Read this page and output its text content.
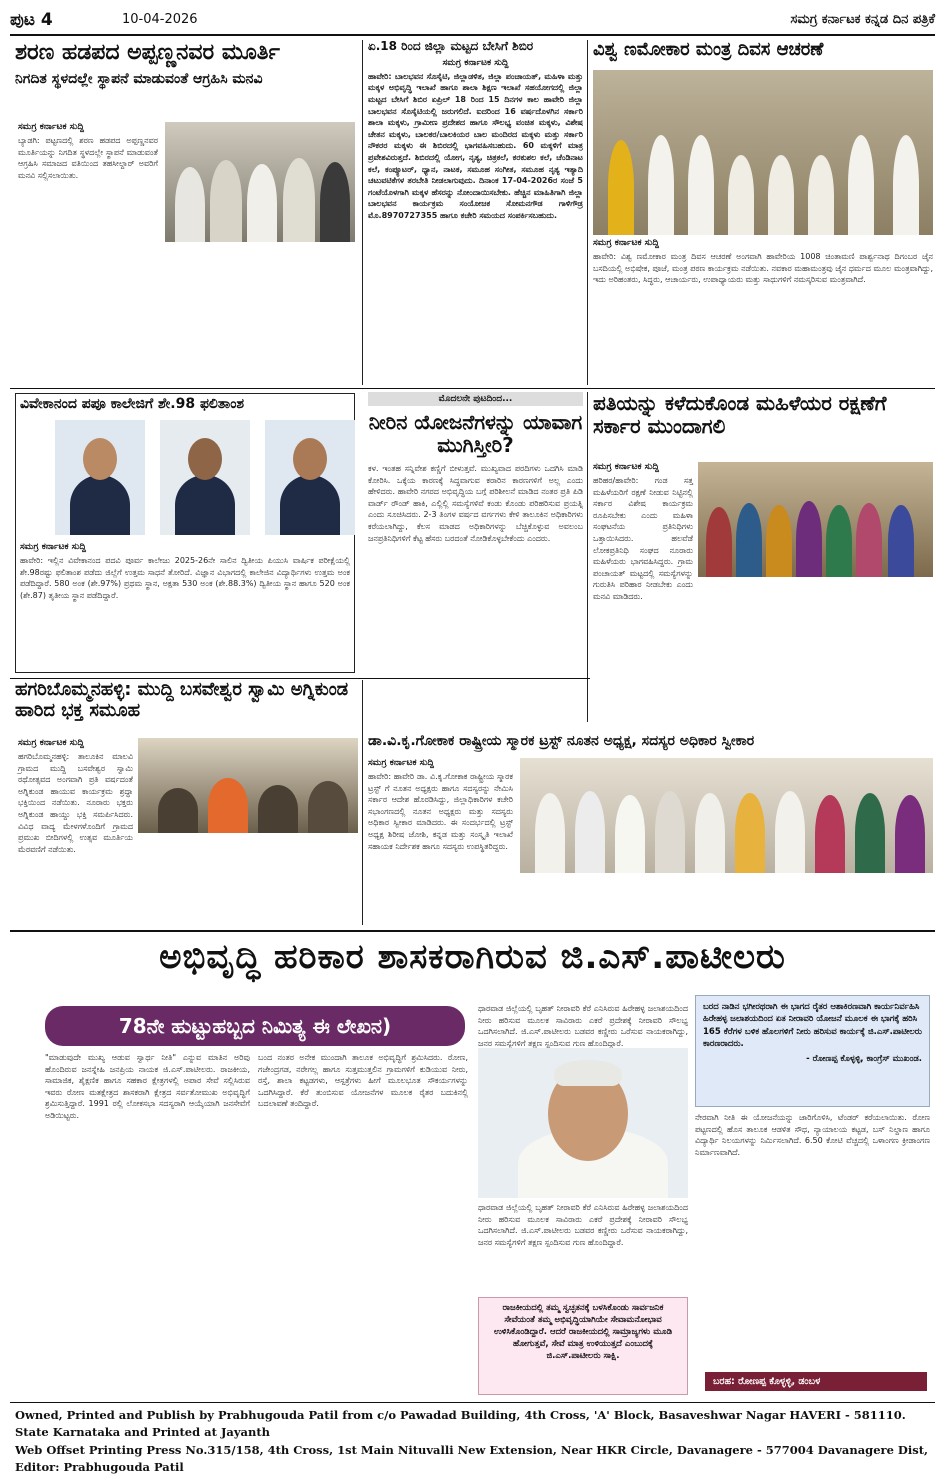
ಪುಟ 4	10-04-2026	ಸಮಗ್ರ ಕರ್ನಾಟಕ ಕನ್ನಡ ದಿನ ಪತ್ರಿಕೆ
ಶರಣ ಹಡಪದ ಅಪ್ಪಣ್ಣನವರ ಮೂರ್ತಿ
ನಿಗದಿತ ಸ್ಥಳದಲ್ಲೇ ಸ್ಥಾಪನೆ ಮಾಡುವಂತೆ ಆಗ್ರಹಿಸಿ ಮನವಿ
ಸಮಗ್ರ ಕರ್ನಾಟಕ ಸುದ್ದಿ
ಬ್ಯಾಡಗಿ: ಪಟ್ಟಣದಲ್ಲಿ ಶರಣ ಹಡಪದ ಅಪ್ಪಣ್ಣನವರ ಮೂರ್ತಿಯನ್ನು ನಿಗದಿತ ಸ್ಥಳದಲ್ಲೇ ಸ್ಥಾಪನೆ ಮಾಡುವಂತೆ ಆಗ್ರಹಿಸಿ ಸಮಾಜದ ವತಿಯಿಂದ ತಹಸೀಲ್ದಾರ್ ಅವರಿಗೆ ಮನವಿ ಸಲ್ಲಿಸಲಾಯಿತು.
ಏ.18 ರಿಂದ ಜಿಲ್ಲಾ ಮಟ್ಟದ ಬೇಸಿಗೆ ಶಿಬಿರ
ಸಮಗ್ರ ಕರ್ನಾಟಕ ಸುದ್ದಿ
ಹಾವೇರಿ: ಬಾಲಭವನ ಸೊಸೈಟಿ, ಜಿಲ್ಲಾಡಳಿತ, ಜಿಲ್ಲಾ ಪಂಚಾಯತ್, ಮಹಿಳಾ ಮತ್ತು ಮಕ್ಕಳ ಅಭಿವೃದ್ಧಿ ಇಲಾಖೆ ಹಾಗೂ ಶಾಲಾ ಶಿಕ್ಷಣ ಇಲಾಖೆ ಸಹಯೋಗದಲ್ಲಿ ಜಿಲ್ಲಾ ಮಟ್ಟದ ಬೇಸಿಗೆ ಶಿಬಿರ ಏಪ್ರಿಲ್ 18 ರಿಂದ 15 ದಿನಗಳ ಕಾಲ ಹಾವೇರಿ ಜಿಲ್ಲಾ ಬಾಲಭವನ ಸೊಸೈಟಿಯಲ್ಲಿ ಜರುಗಲಿದೆ. ಐದರಿಂದ 16 ವರ್ಷದೊಳಗಿನ ಸರ್ಕಾರಿ ಶಾಲಾ ಮಕ್ಕಳು, ಗ್ರಾಮೀಣ ಪ್ರದೇಶದ ಹಾಗೂ ಸೌಲಭ್ಯ ವಂಚಿತ ಮಕ್ಕಳು, ವಿಶೇಷ ಚೇತನ ಮಕ್ಕಳು, ಬಾಲಕರ/ಬಾಲಕಿಯರ ಬಾಲ ಮಂದಿರದ ಮಕ್ಕಳು ಮತ್ತು ಸರ್ಕಾರಿ ನೌಕರರ ಮಕ್ಕಳು ಈ ಶಿಬಿರದಲ್ಲಿ ಭಾಗವಹಿಸಬಹುದು. 60 ಮಕ್ಕಳಿಗೆ ಮಾತ್ರ ಪ್ರವೇಶವಿರುತ್ತದೆ. ಶಿಬಿರದಲ್ಲಿ ಯೋಗ, ನೃತ್ಯ, ಚಿತ್ರಕಲೆ, ಕರಕುಶಲ ಕಲೆ, ಚೆಂಡಿನಾಟ ಕಲೆ, ಕಂಪ್ಯೂಟರ್, ಧ್ಯಾನ, ನಾಟಕ, ಸಮೂಹ ಸಂಗೀತ, ಸಮೂಹ ನೃತ್ಯ ಇತ್ಯಾದಿ ಚಟುವಟಿಕೆಗಳ ತರಬೇತಿ ನೀಡಲಾಗುವುದು. ದಿನಾಂಕ 17-04-2026ರ ಸಂಜೆ 5 ಗಂಟೆಯೊಳಗಾಗಿ ಮಕ್ಕಳ ಹೆಸರನ್ನು ನೋಂದಾಯಿಸಬೇಕು. ಹೆಚ್ಚಿನ ಮಾಹಿತಿಗಾಗಿ ಜಿಲ್ಲಾ ಬಾಲಭವನ ಕಾರ್ಯಕ್ರಮ ಸಂಯೋಜಕ ಸೋಮನಗೌಡ ಗಾಳಿಗೌಡ್ರ ಮೊ.8970727355 ಹಾಗೂ ಕಚೇರಿ ಸಮಯದ ಸಂಪರ್ಕಿಸಬಹುದು.
ವಿಶ್ವ ಣಮೋಕಾರ ಮಂತ್ರ ದಿವಸ ಆಚರಣೆ
ಸಮಗ್ರ ಕರ್ನಾಟಕ ಸುದ್ದಿ
ಹಾವೇರಿ: ವಿಶ್ವ ಣಮೋಕಾರ ಮಂತ್ರ ದಿವಸ ಆಚರಣೆ ಅಂಗವಾಗಿ ಹಾವೇರಿಯ 1008 ಚಿಂತಾಮಣಿ ಪಾರ್ಶ್ವನಾಥ ದಿಗಂಬರ ಜೈನ ಬಸದಿಯಲ್ಲಿ ಅಭಿಷೇಕ, ಪೂಜೆ, ಮಂತ್ರ ಪಠಣ ಕಾರ್ಯಕ್ರಮ ನಡೆಯಿತು. ನವಕಾರ ಮಹಾಮಂತ್ರವು ಜೈನ ಧರ್ಮದ ಮೂಲ ಮಂತ್ರವಾಗಿದ್ದು, ಇದು ಅರಿಹಂತರು, ಸಿದ್ಧರು, ಆಚಾರ್ಯರು, ಉಪಾಧ್ಯಾಯರು ಮತ್ತು ಸಾಧುಗಳಿಗೆ ನಮಸ್ಕರಿಸುವ ಮಂತ್ರವಾಗಿದೆ.
ವಿವೇಕಾನಂದ ಪಪೂ ಕಾಲೇಜಿಗೆ ಶೇ.98 ಫಲಿತಾಂಶ
ಸಮಗ್ರ ಕರ್ನಾಟಕ ಸುದ್ದಿ
ಹಾವೇರಿ: ಇಲ್ಲಿನ ವಿವೇಕಾನಂದ ಪದವಿ ಪೂರ್ವ ಕಾಲೇಜು 2025-26ನೇ ಸಾಲಿನ ದ್ವಿತೀಯ ಪಿಯುಸಿ ವಾರ್ಷಿಕ ಪರೀಕ್ಷೆಯಲ್ಲಿ ಶೇ.98ರಷ್ಟು ಫಲಿತಾಂಶ ಪಡೆದು ಜಿಲ್ಲೆಗೆ ಉತ್ತಮ ಸಾಧನೆ ತೋರಿದೆ. ವಿಜ್ಞಾನ ವಿಭಾಗದಲ್ಲಿ ಕಾಲೇಜಿನ ವಿದ್ಯಾರ್ಥಿಗಳು ಉತ್ತಮ ಅಂಕ ಪಡೆದಿದ್ದಾರೆ. 580 ಅಂಕ (ಶೇ.97%) ಪ್ರಥಮ ಸ್ಥಾನ, ಅಕ್ಷತಾ 530 ಅಂಕ (ಶೇ.88.3%) ದ್ವಿತೀಯ ಸ್ಥಾನ ಹಾಗೂ 520 ಅಂಕ (ಶೇ.87) ತೃತೀಯ ಸ್ಥಾನ ಪಡೆದಿದ್ದಾರೆ.
ಮೊದಲನೇ ಪುಟದಿಂದ...
ನೀರಿನ ಯೋಜನೆಗಳನ್ನು ಯಾವಾಗ ಮುಗಿಸ್ತೀರಿ?
ಕಳ. ಇಂತಹ ಸನ್ನಿವೇಶ ಕಣ್ಣಿಗೆ ಬೀಳುತ್ತವೆ. ಮುಖ್ಯವಾದ ಪರದಿಗಳು ಒದಗಿಸಿ ಮಾಡಿ ಕೋರಿಸಿ. ಒಕ್ಕೆಯ ಕಾರಣಕ್ಕೆ ಸಿದ್ಧವಾಗುವ ಕರಾರಿನ ಕಾರಣಗಳಿಗೆ ಅಲ್ಲ ಎಂದು ಹೇಳಿದರು. ಹಾವೇರಿ ನಗರದ ಅಭಿವೃದ್ಧಿಯ ಬಗ್ಗೆ ಪರಿಶೀಲನೆ ಮಾಡಿದ ನಂತರ ಪ್ರತಿ ಪಿಡಿ ವಾರ್ಡ್ ರೌಂಡ್ ಹಾಕಿ, ಎಲ್ಲಿಲ್ಲಿ ಸಮಸ್ಯೆಗಳಿವೆ ಕಂಡು ಕೊಂಡು ಪರಿಹರಿಸುವ ಪ್ರಯತ್ನಿ ಎಂದು ಸೂಚಿಸಿದರು. 2-3 ತಿಂಗಳ ವರ್ಷದ ವರ್ಗಗಳು ಕೇಳಿ ತಾಲೂಕಿನ ಅಧಿಕಾರಿಗಳು ಕರೆಯಲಾಗಿದ್ದು, ಕೆಲಸ ಮಾಡದ ಅಧಿಕಾರಿಗಳನ್ನು ಬೆಚ್ಚಿಕೊಳ್ಳುವ ಅವಲಂಬ ಜನಪ್ರತಿನಿಧಿಗಳಿಗೆ ಕೆಟ್ಟ ಹೆಸರು ಬರದಂತೆ ನೋಡಿಕೊಳ್ಳಬೇಕೆಂದು ಎಂದರು.
ಪತಿಯನ್ನು ಕಳೆದುಕೊಂಡ ಮಹಿಳೆಯರ ರಕ್ಷಣೆಗೆ ಸರ್ಕಾರ ಮುಂದಾಗಲಿ
ಸಮಗ್ರ ಕರ್ನಾಟಕ ಸುದ್ದಿ
ಹರಿಹರ/ಹಾವೇರಿ: ಗಂಡ ಸತ್ತ ಮಹಿಳೆಯರಿಗೆ ರಕ್ಷಣೆ ನೀಡುವ ನಿಟ್ಟಿನಲ್ಲಿ ಸರ್ಕಾರ ವಿಶೇಷ ಕಾರ್ಯಕ್ರಮ ರೂಪಿಸಬೇಕು ಎಂದು ಮಹಿಳಾ ಸಂಘಟನೆಯ ಪ್ರತಿನಿಧಿಗಳು ಒತ್ತಾಯಿಸಿದರು. ಹಲವೆಡೆ ಲೋಕಪ್ರತಿನಿಧಿ ಸಂಘದ ನೂರಾರು ಮಹಿಳೆಯರು ಭಾಗವಹಿಸಿದ್ದರು. ಗ್ರಾಮ ಪಂಚಾಯತ್ ಮಟ್ಟದಲ್ಲಿ ಸಮಸ್ಯೆಗಳನ್ನು ಗುರುತಿಸಿ ಪರಿಹಾರ ನೀಡಬೇಕು ಎಂದು ಮನವಿ ಮಾಡಿದರು.
ಹಗರಿಬೊಮ್ಮನಹಳ್ಳಿ: ಮುದ್ದಿ ಬಸವೇಶ್ವರ ಸ್ವಾಮಿ ಅಗ್ನಿಕುಂಡ ಹಾರಿದ ಭಕ್ತ ಸಮೂಹ
ಸಮಗ್ರ ಕರ್ನಾಟಕ ಸುದ್ದಿ
ಹಗರಿಬೊಮ್ಮನಹಳ್ಳಿ: ತಾಲೂಕಿನ ಮಾಲವಿ ಗ್ರಾಮದ ಮುದ್ದಿ ಬಸವೇಶ್ವರ ಸ್ವಾಮಿ ರಥೋತ್ಸವದ ಅಂಗವಾಗಿ ಪ್ರತಿ ವರ್ಷದಂತೆ ಅಗ್ನಿಕುಂಡ ಹಾಯುವ ಕಾರ್ಯಕ್ರಮ ಶ್ರದ್ಧಾ ಭಕ್ತಿಯಿಂದ ನಡೆಯಿತು. ನೂರಾರು ಭಕ್ತರು ಅಗ್ನಿಕುಂಡ ಹಾಯ್ದು ಭಕ್ತಿ ಸಮರ್ಪಿಸಿದರು. ವಿವಿಧ ವಾದ್ಯ ಮೇಳಗಳೊಂದಿಗೆ ಗ್ರಾಮದ ಪ್ರಮುಖ ಬೀದಿಗಳಲ್ಲಿ ಉತ್ಸವ ಮೂರ್ತಿಯ ಮೆರವಣಿಗೆ ನಡೆಯಿತು.
ಡಾ.ವಿ.ಕೃ.ಗೋಕಾಕ ರಾಷ್ಟ್ರೀಯ ಸ್ಮಾರಕ ಟ್ರಸ್ಟ್ ನೂತನ ಅಧ್ಯಕ್ಷ, ಸದಸ್ಯರ ಅಧಿಕಾರ ಸ್ವೀಕಾರ
ಸಮಗ್ರ ಕರ್ನಾಟಕ ಸುದ್ದಿ
ಹಾವೇರಿ: ಹಾವೇರಿ ಡಾ. ವಿ.ಕೃ.ಗೋಕಾಕ ರಾಷ್ಟ್ರೀಯ ಸ್ಮಾರಕ ಟ್ರಸ್ಟ್ ಗೆ ನೂತನ ಅಧ್ಯಕ್ಷರು ಹಾಗೂ ಸದಸ್ಯರನ್ನು ನೇಮಿಸಿ ಸರ್ಕಾರ ಆದೇಶ ಹೊರಡಿಸಿದ್ದು, ಜಿಲ್ಲಾಧಿಕಾರಿಗಳ ಕಚೇರಿ ಸಭಾಂಗಣದಲ್ಲಿ ನೂತನ ಅಧ್ಯಕ್ಷರು ಮತ್ತು ಸದಸ್ಯರು ಅಧಿಕಾರ ಸ್ವೀಕಾರ ಮಾಡಿದರು. ಈ ಸಂದರ್ಭದಲ್ಲಿ ಟ್ರಸ್ಟ್ ಅಧ್ಯಕ್ಷ ಶಿರೀಷ ಜೋಶಿ, ಕನ್ನಡ ಮತ್ತು ಸಂಸ್ಕೃತಿ ಇಲಾಖೆ ಸಹಾಯಕ ನಿರ್ದೇಶಕ ಹಾಗೂ ಸದಸ್ಯರು ಉಪಸ್ಥಿತರಿದ್ದರು.
ಅಭಿವೃದ್ಧಿ ಹರಿಕಾರ ಶಾಸಕರಾಗಿರುವ ಜಿ.ಎಸ್.ಪಾಟೀಲರು
78ನೇ ಹುಟ್ಟುಹಬ್ಬದ ನಿಮಿತ್ಯ ಈ ಲೇಖನ)
"ಮಾಡುವುದೇ ಮುಖ್ಯ ಆಡುವ ಸ್ವಾರ್ಥ ನೀತಿ" ಎನ್ನುವ ಮಾತಿನ ಅರಿವು ಹೊಂದಿರುವ ಜನಸ್ನೇಹಿ ಜನಪ್ರಿಯ ನಾಯಕ ಜಿ.ಎಸ್.ಪಾಟೀಲರು. ರಾಜಕೀಯ, ಸಾಮಾಜಿಕ, ಶೈಕ್ಷಣಿಕ ಹಾಗೂ ಸಹಕಾರ ಕ್ಷೇತ್ರಗಳಲ್ಲಿ ಅಪಾರ ಸೇವೆ ಸಲ್ಲಿಸಿರುವ ಇವರು ರೋಣ ಮತಕ್ಷೇತ್ರದ ಶಾಸಕರಾಗಿ ಕ್ಷೇತ್ರದ ಸರ್ವತೋಮುಖ ಅಭಿವೃದ್ಧಿಗೆ ಶ್ರಮಿಸುತ್ತಿದ್ದಾರೆ. 1991 ರಲ್ಲಿ ಲೋಕಸಭಾ ಸದಸ್ಯರಾಗಿ ಆಯ್ಕೆಯಾಗಿ ಜನಸೇವೆಗೆ ಅಡಿಯಿಟ್ಟರು.
ಬಂದ ನಂತರ ಅನೇಕ ಮುಂದಾಗಿ ತಾಲೂಕ ಅಭಿವೃದ್ಧಿಗೆ ಶ್ರಮಿಸಿದರು. ರೋಣ, ಗಜೇಂದ್ರಗಡ, ನರೇಗಲ್ಲ ಹಾಗೂ ಸುತ್ತಮುತ್ತಲಿನ ಗ್ರಾಮಗಳಿಗೆ ಕುಡಿಯುವ ನೀರು, ರಸ್ತೆ, ಶಾಲಾ ಕಟ್ಟಡಗಳು, ಆಸ್ಪತ್ರೆಗಳು ಹೀಗೆ ಮೂಲಭೂತ ಸೌಕರ್ಯಗಳನ್ನು ಒದಗಿಸಿದ್ದಾರೆ. ಕೆರೆ ತುಂಬಿಸುವ ಯೋಜನೆಗಳ ಮೂಲಕ ರೈತರ ಬದುಕಿನಲ್ಲಿ ಬದಲಾವಣೆ ತಂದಿದ್ದಾರೆ.
ಧಾರವಾಡ ಜಿಲ್ಲೆಯಲ್ಲಿ ಬೃಹತ್ ನೀರಾವರಿ ಕೆರೆ ಎನಿಸಿರುವ ಹಿರೇಹಳ್ಳ ಜಲಾಶಯದಿಂದ ನೀರು ಹರಿಸುವ ಮೂಲಕ ಸಾವಿರಾರು ಎಕರೆ ಪ್ರದೇಶಕ್ಕೆ ನೀರಾವರಿ ಸೌಲಭ್ಯ ಒದಗಿಸಲಾಗಿದೆ. ಜಿ.ಎಸ್.ಪಾಟೀಲರು ಬಡವರ ಕಣ್ಣೀರು ಒರೆಸುವ ನಾಯಕರಾಗಿದ್ದು, ಜನರ ಸಮಸ್ಯೆಗಳಿಗೆ ತಕ್ಷಣ ಸ್ಪಂದಿಸುವ ಗುಣ ಹೊಂದಿದ್ದಾರೆ.
ಧಾರವಾಡ ಜಿಲ್ಲೆಯಲ್ಲಿ ಬೃಹತ್ ನೀರಾವರಿ ಕೆರೆ ಎನಿಸಿರುವ ಹಿರೇಹಳ್ಳ ಜಲಾಶಯದಿಂದ ನೀರು ಹರಿಸುವ ಮೂಲಕ ಸಾವಿರಾರು ಎಕರೆ ಪ್ರದೇಶಕ್ಕೆ ನೀರಾವರಿ ಸೌಲಭ್ಯ ಒದಗಿಸಲಾಗಿದೆ. ಜಿ.ಎಸ್.ಪಾಟೀಲರು ಬಡವರ ಕಣ್ಣೀರು ಒರೆಸುವ ನಾಯಕರಾಗಿದ್ದು, ಜನರ ಸಮಸ್ಯೆಗಳಿಗೆ ತಕ್ಷಣ ಸ್ಪಂದಿಸುವ ಗುಣ ಹೊಂದಿದ್ದಾರೆ.
ರಾಜಕೀಯದಲ್ಲಿ ತಮ್ಮ ಸ್ವಚ್ಛತನಕ್ಕೆ ಬಳಸಿಕೊಂಡು ಸಾರ್ವಜನಿಕ ಸೇವೆಯಂತೆ ತಮ್ಮ ಅಭಿವೃದ್ಧಿಯಾಗಿಯೇ ಸೇವಾಮನೋಭಾವ ಉಳಿಸಿಕೊಂಡಿದ್ದಾರೆ. ಆದರೆ ರಾಜಕೀಯದಲ್ಲಿ ಸಾಮ್ರಾಜ್ಯಗಳು ಮೂಡಿ ಹೋಗುತ್ತವೆ, ಸೇವೆ ಮಾತ್ರ ಉಳಿಯುತ್ತದೆ ಎಂಬುದಕ್ಕೆ ಜಿ.ಎಸ್.ಪಾಟೀಲರು ಸಾಕ್ಷಿ.
ಬರದ ನಾಡಿನ ಭಗೀರಥರಾಗಿ ಈ ಭಾಗದ ರೈತರ ಆಶಾಕಿರಣವಾಗಿ ಕಾರ್ಯನಿರ್ವಹಿಸಿ ಹಿರೇಹಳ್ಳ ಜಲಾಶಯದಿಂದ ಏತ ನೀರಾವರಿ ಯೋಜನೆ ಮೂಲಕ ಈ ಭಾಗಕ್ಕೆ ಹರಿಸಿ 165 ಕೆರೆಗಳ ಬಳಿಕ ಹೊಲಗಳಿಗೆ ನೀರು ಹರಿಸುವ ಕಾರ್ಯಕ್ಕೆ ಜಿ.ಎಸ್.ಪಾಟೀಲರು ಕಾರಣರಾದರು.
- ರೋಣಪ್ಪ ಕೊಳ್ಳಳ್ಳಿ, ಕಾಂಗ್ರೆಸ್ ಮುಖಂಡ.
ನೇರವಾಗಿ ನೀತಿ ಈ ಯೋಜನೆಯನ್ನು ಜಾರಿಗೊಳಿಸಿ, ಟೆಂಡರ್ ಕರೆಯಲಾಯಿತು. ರೋಣ ಪಟ್ಟಣದಲ್ಲಿ ಹೊಸ ತಾಲೂಕ ಆಡಳಿತ ಸೌಧ, ನ್ಯಾಯಾಲಯ ಕಟ್ಟಡ, ಬಸ್ ನಿಲ್ದಾಣ ಹಾಗೂ ವಿದ್ಯಾರ್ಥಿ ನಿಲಯಗಳನ್ನು ನಿರ್ಮಿಸಲಾಗಿದೆ. 6.50 ಕೋಟಿ ವೆಚ್ಚದಲ್ಲಿ ಒಳಾಂಗಣ ಕ್ರೀಡಾಂಗಣ ನಿರ್ಮಾಣವಾಗಿದೆ.
ಬರಹ: ರೋಣಪ್ಪ ಕೊಳ್ಳಳ್ಳಿ, ಡಂಬಳ
Owned, Printed and Publish by Prabhugouda Patil from c/o Pawadad Building, 4th Cross, 'A' Block, Basaveshwar Nagar HAVERI - 581110. State Karnataka and Printed at Jayanth
Web Offset Printing Press No.315/158, 4th Cross, 1st Main Nituvalli New Extension, Near HKR Circle, Davanagere - 577004 Davanagere Dist, Editor: Prabhugouda Patil
